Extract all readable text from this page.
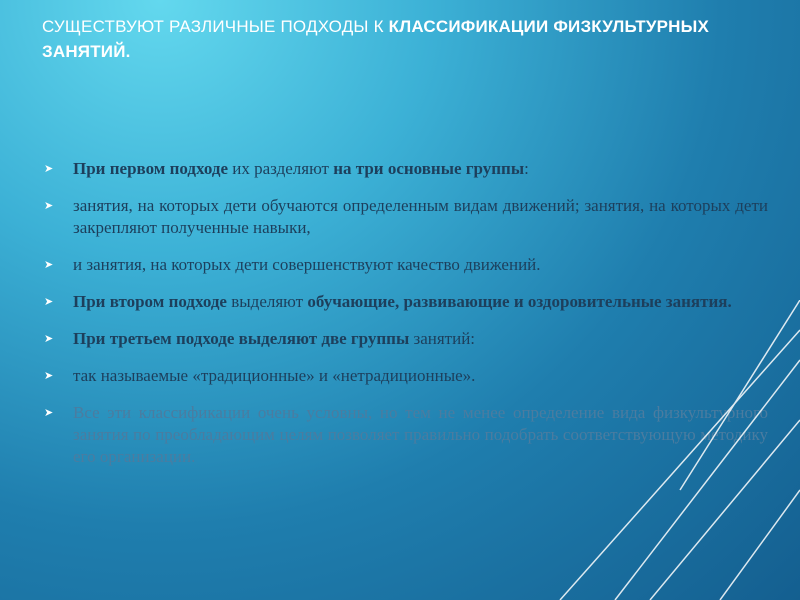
СУЩЕСТВУЮТ РАЗЛИЧНЫЕ ПОДХОДЫ К КЛАССИФИКАЦИИ ФИЗКУЛЬТУРНЫХ ЗАНЯТИЙ.
➤ При первом подходе их разделяют на три основные группы:
➤ занятия, на которых дети обучаются определенным видам движений; занятия, на которых дети закрепляют полученные навыки,
➤ и занятия, на которых дети совершенствуют качество движений.
➤ При втором подходе выделяют обучающие, развивающие и оздоровительные занятия.
➤ При третьем подходе выделяют две группы занятий:
➤ так называемые «традиционные» и «нетрадиционные».
➤ Все эти классификации очень условны, но тем не менее определение вида физкультурного занятия по преобладающим целям позволяет правильно подобрать соответствующую методику его организации.
